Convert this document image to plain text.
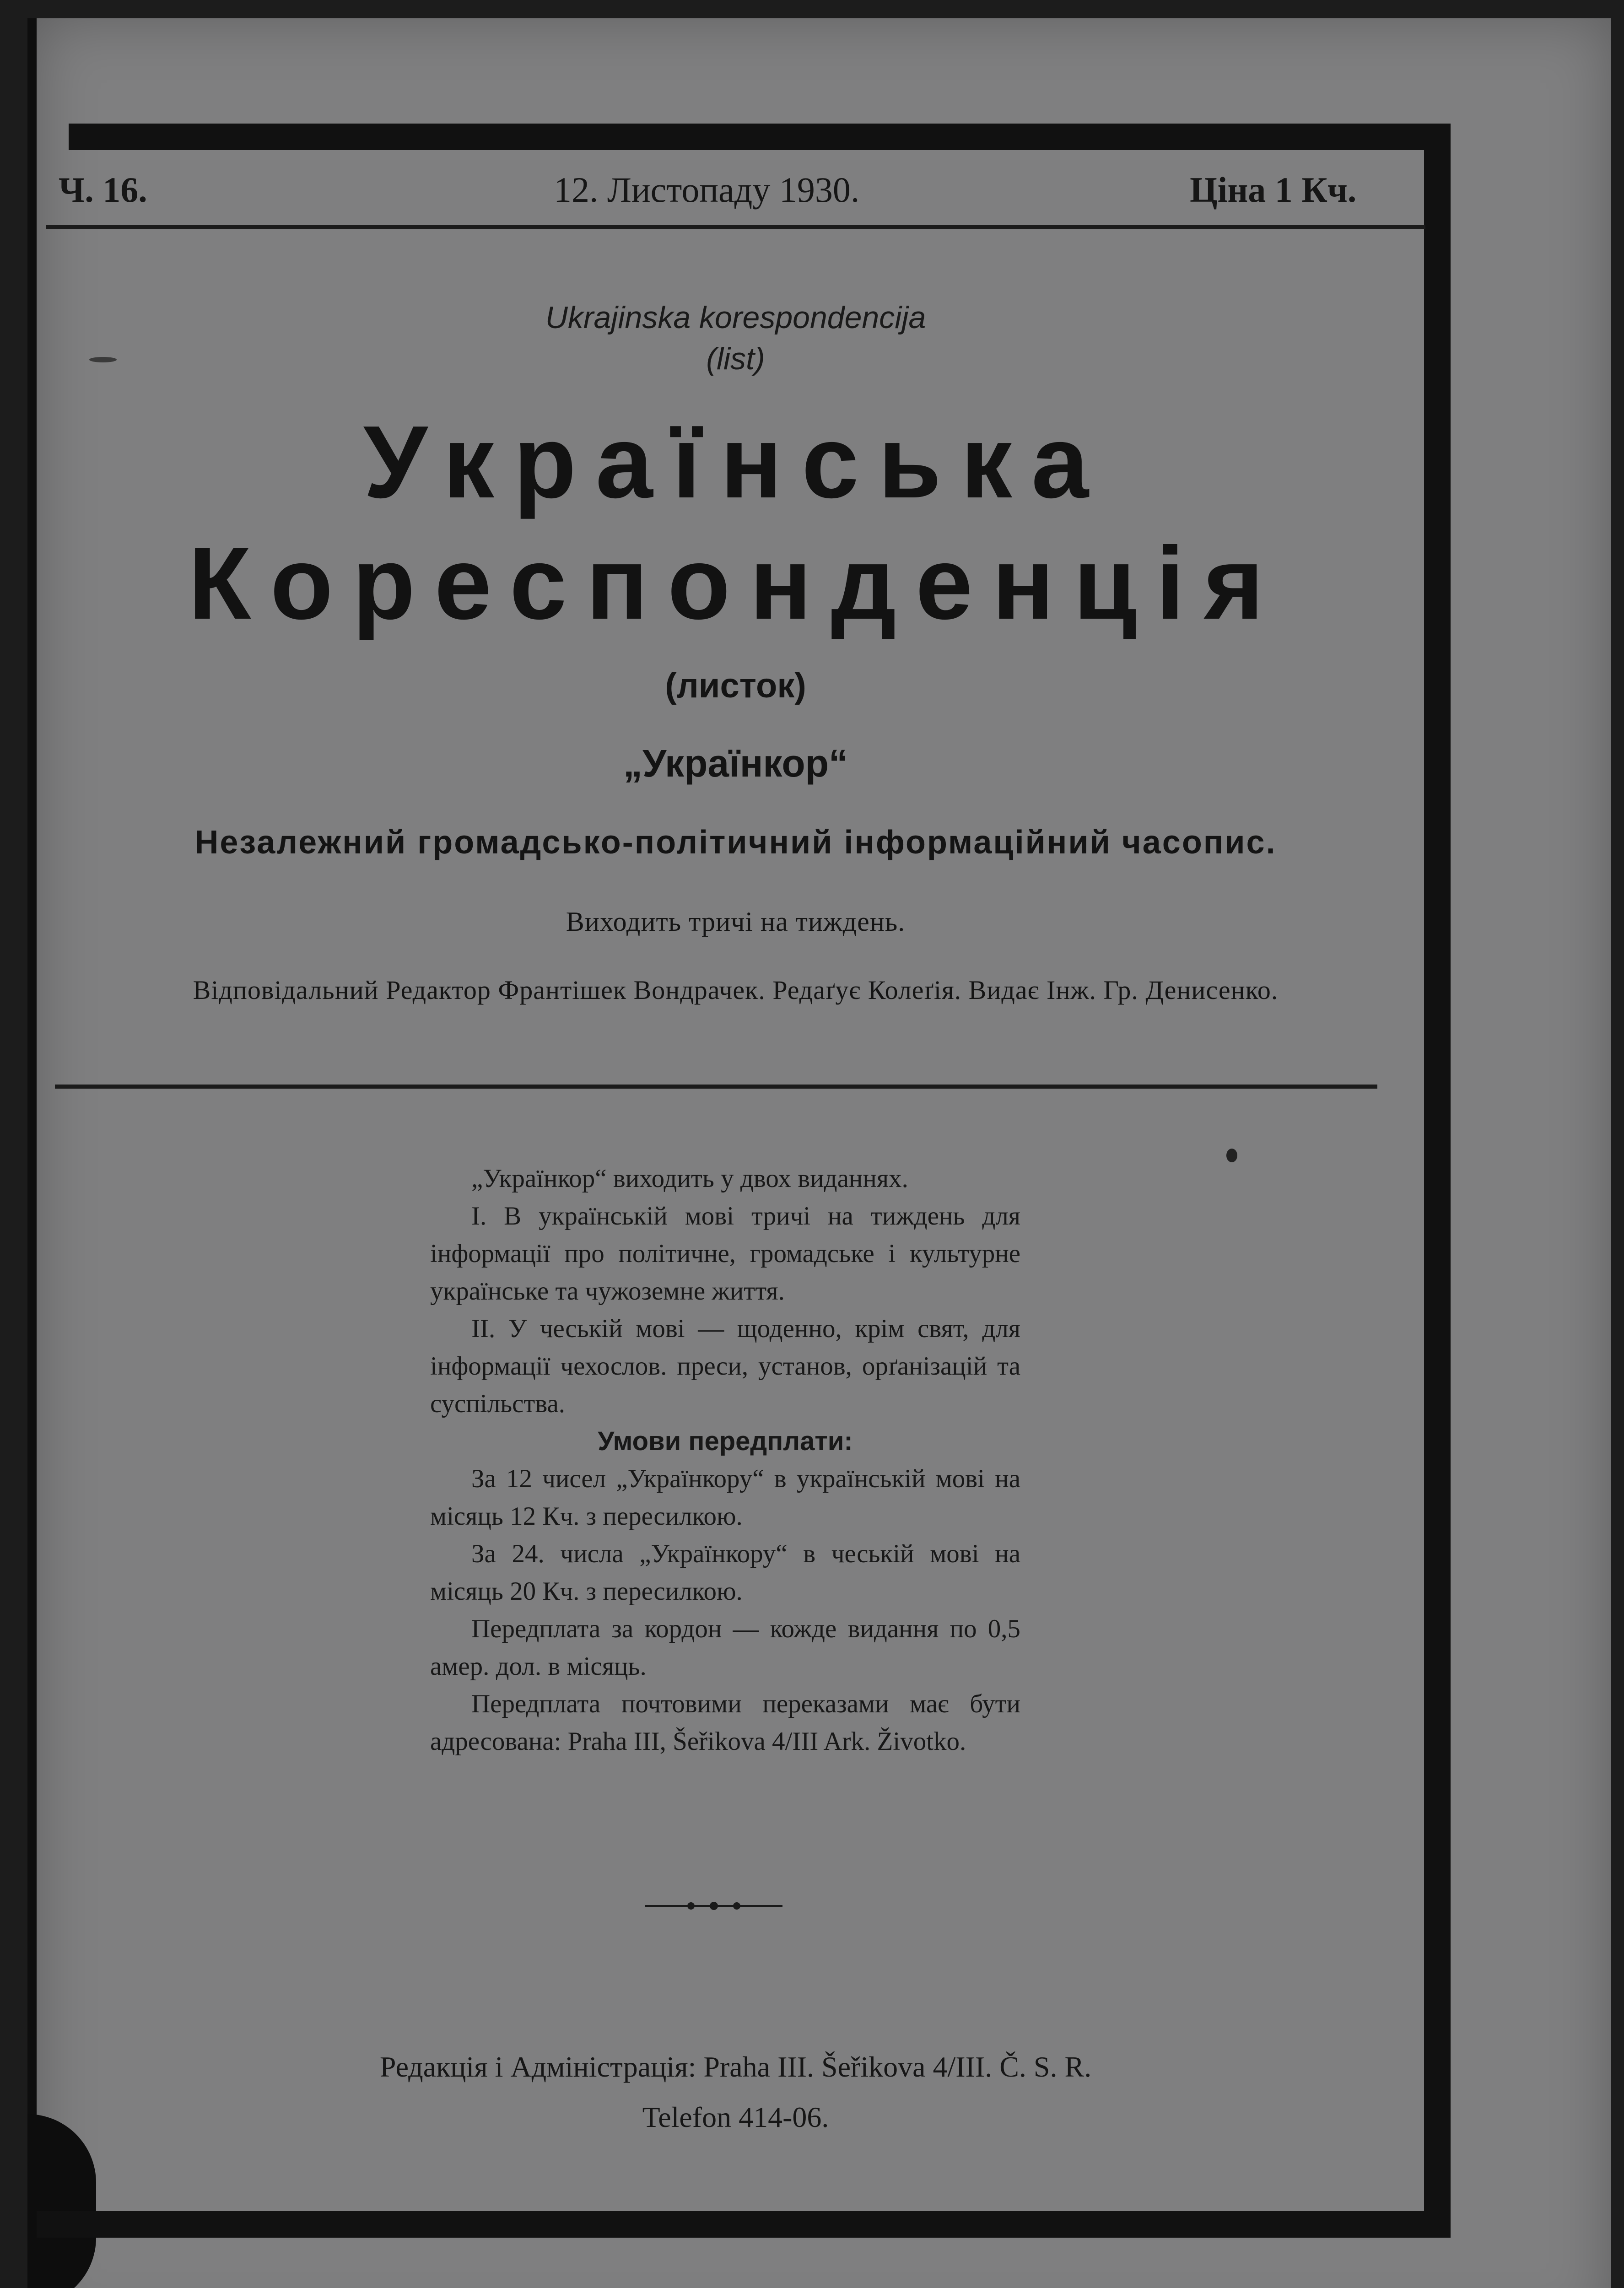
Ч. 16.	12. Листопаду 1930.	Ціна 1 Кч.
Ukrajinska korespondencija
(list)
Українська
Кореспонденція
(листок)
„Українкор“
Незалежний громадсько-політичний інформаційний часопис.
Виходить тричі на тиждень.
Відповідальний Редактор Франтішек Вондрачек. Редаґує Колеґія. Видає Інж. Гр. Денисенко.

„Українкор“ виходить у двох виданнях.

I. В українській мові тричі на тиждень для інформації про політичне, громадське і культурне українське та чужоземне життя.

II. У чеській мові — щоденно, крім свят, для інформації чехослов. преси, установ, орґанізацій та суспільства.

Умови передплати:

За 12 чисел „Українкору“ в українській мові на місяць 12 Кч. з пересилкою.

За 24. числа „Українкору“ в чеській мові на місяць 20 Кч. з пересилкою.

Передплата за кордон — кожде видання по 0,5 амер. дол. в місяць.

Передплата почтовими переказами має бути адресована: Praha III, Šeřikova 4/III Ark. Životko.

Редакція і Адміністрація: Praha III. Šeřikova 4/III. Č. S. R.
Telefon 414-06.
